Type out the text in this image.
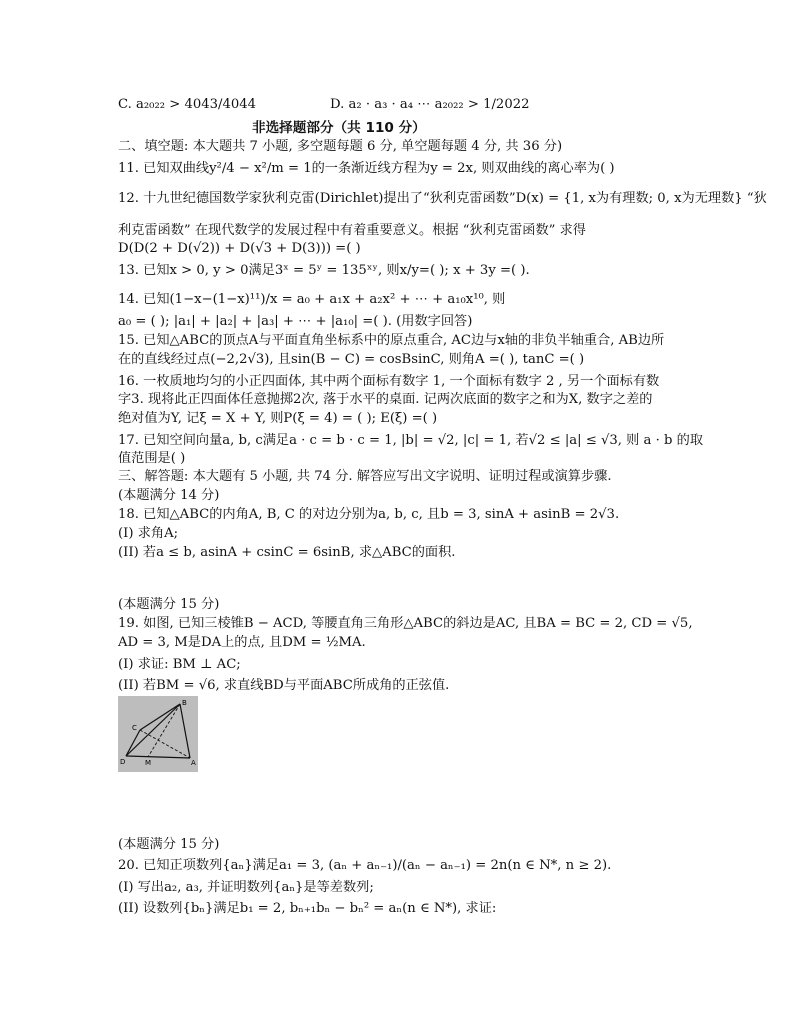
C. a₂₀₂₂ > 4043/4044	D. a₂ · a₃ · a₄ ⋯ a₂₀₂₂ > 1/2022
非选择题部分（共 110 分）
二、填空题: 本大题共 7 小题, 多空题每题 6 分, 单空题每题 4 分, 共 36 分)
11. 已知双曲线y²/4 − x²/m = 1的一条渐近线方程为y = 2x, 则双曲线的离心率为( )
12. 十九世纪德国数学家狄利克雷(Dirichlet)提出了“狄利克雷函数”D(x) = {1, x为有理数; 0, x为无理数} “狄
利克雷函数” 在现代数学的发展过程中有着重要意义。根据 “狄利克雷函数” 求得
D(D(2 + D(√2)) + D(√3 + D(3))) =( )
13. 已知x > 0, y > 0满足3ˣ = 5ʸ = 135ˣʸ, 则x/y=( ); x + 3y =( ).
14. 已知(1−x−(1−x)¹¹)/x = a₀ + a₁x + a₂x² + ⋯ + a₁₀x¹⁰, 则
a₀ = ( ); |a₁| + |a₂| + |a₃| + ⋯ + |a₁₀| =( ). (用数字回答)
15. 已知△ABC的顶点A与平面直角坐标系中的原点重合, AC边与x轴的非负半轴重合, AB边所
在的直线经过点(−2,2√3), 且sin(B − C) = cosBsinC, 则角A =( ), tanC =( )
16. 一枚质地均匀的小正四面体, 其中两个面标有数字 1, 一个面标有数字 2 , 另一个面标有数
字3. 现将此正四面体任意抛掷2次, 落于水平的桌面. 记两次底面的数字之和为X, 数字之差的
绝对值为Y, 记ξ = X + Y, 则P(ξ = 4) = ( ); E(ξ) =( )
17. 已知空间向量a, b, c满足a · c = b · c = 1, |b| = √2, |c| = 1, 若√2 ≤ |a| ≤ √3, 则 a · b 的取
值范围是( )
三、解答题: 本大题有 5 小题, 共 74 分. 解答应写出文字说明、证明过程或演算步骤.
(本题满分 14 分)
18. 已知△ABC的内角A, B, C 的对边分别为a, b, c, 且b = 3, sinA + asinB = 2√3.
(I) 求角A;
(II) 若a ≤ b, asinA + csinC = 6sinB, 求△ABC的面积.
(本题满分 15 分)
19. 如图, 已知三棱锥B − ACD, 等腰直角三角形△ABC的斜边是AC, 且BA = BC = 2, CD = √5,
AD = 3, M是DA上的点, 且DM = ½MA.
(I) 求证: BM ⊥ AC;
(II) 若BM = √6, 求直线BD与平面ABC所成角的正弦值.
B
C
D	M	A
(本题满分 15 分)
20. 已知正项数列{aₙ}满足a₁ = 3, (aₙ + aₙ₋₁)/(aₙ − aₙ₋₁) = 2n(n ∈ N*, n ≥ 2).
(I) 写出a₂, a₃, 并证明数列{aₙ}是等差数列;
(II) 设数列{bₙ}满足b₁ = 2, bₙ₊₁bₙ − bₙ² = aₙ(n ∈ N*), 求证:
